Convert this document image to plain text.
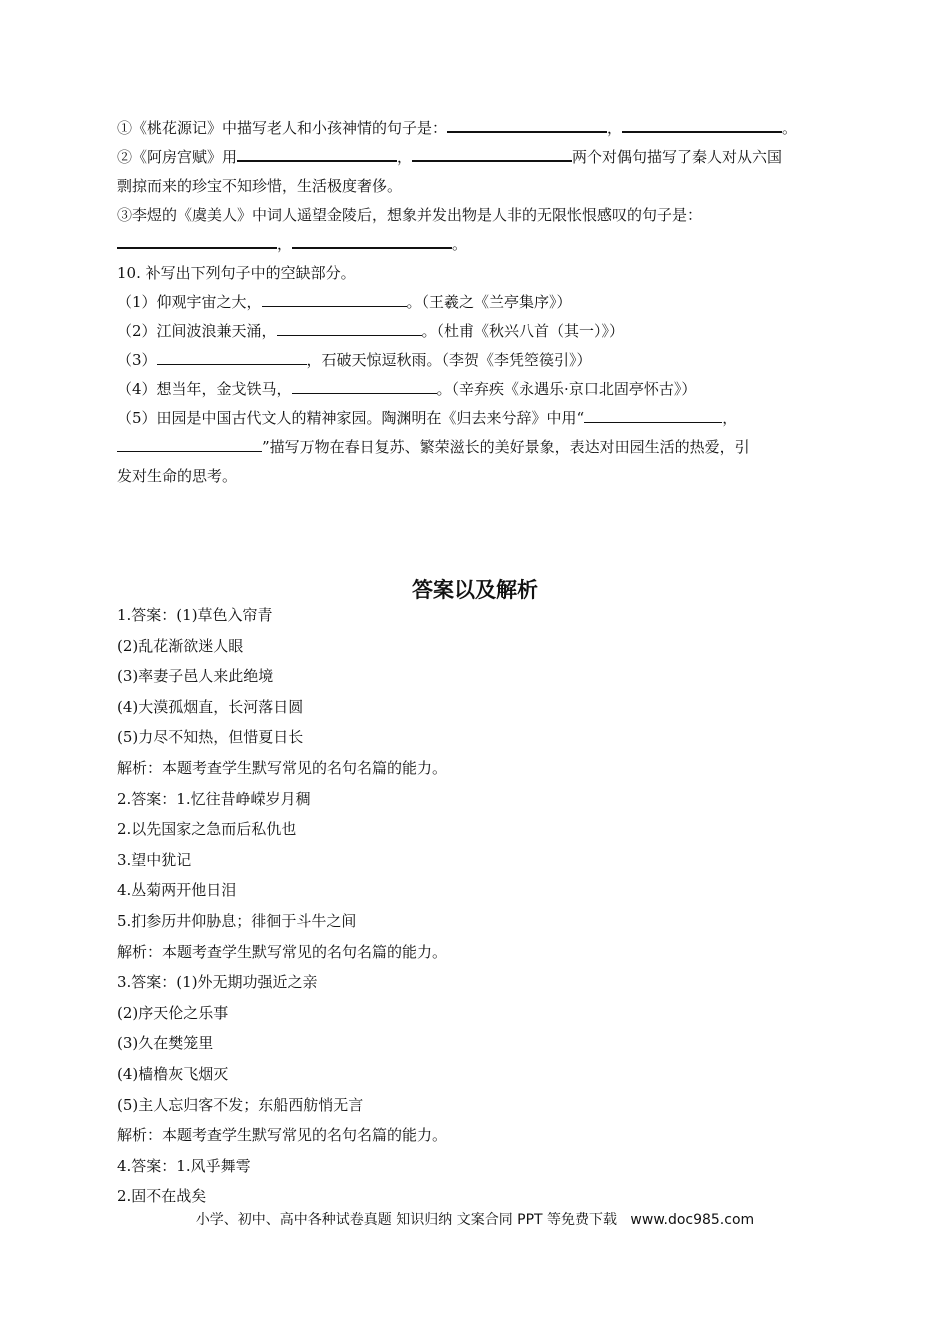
①《桃花源记》中描写老人和小孩神情的句子是：	，	。
②《阿房宫赋》用	，	两个对偶句描写了秦人对从六国
剽掠而来的珍宝不知珍惜，生活极度奢侈。
③李煜的《虞美人》中词人遥望金陵后，想象并发出物是人非的无限怅恨感叹的句子是：
，	。
10. 补写出下列句子中的空缺部分。
（1）仰观宇宙之大，	。（王羲之《兰亭集序》）
（2）江间波浪兼天涌，	。（杜甫《秋兴八首（其一）》）
（3）	，石破天惊逗秋雨。（李贺《李凭箜篌引》）
（4）想当年，金戈铁马，	。（辛弃疾《永遇乐·京口北固亭怀古》）
（5）田园是中国古代文人的精神家园。陶渊明在《归去来兮辞》中用“	，
”描写万物在春日复苏、繁荣滋长的美好景象，表达对田园生活的热爱，引
发对生命的思考。
答案以及解析
1.答案：(1)草色入帘青
(2)乱花渐欲迷人眼
(3)率妻子邑人来此绝境
(4)大漠孤烟直，长河落日圆
(5)力尽不知热，但惜夏日长
解析：本题考查学生默写常见的名句名篇的能力。
2.答案：1.忆往昔峥嵘岁月稠
2.以先国家之急而后私仇也
3.望中犹记
4.丛菊两开他日泪
5.扪参历井仰胁息；徘徊于斗牛之间
解析：本题考查学生默写常见的名句名篇的能力。
3.答案：(1)外无期功强近之亲
(2)序天伦之乐事
(3)久在樊笼里
(4)樯橹灰飞烟灭
(5)主人忘归客不发；东船西舫悄无言
解析：本题考查学生默写常见的名句名篇的能力。
4.答案：1.风乎舞雩
2.固不在战矣
小学、初中、高中各种试卷真题 知识归纳 文案合同 PPT 等免费下载 www.doc985.com
